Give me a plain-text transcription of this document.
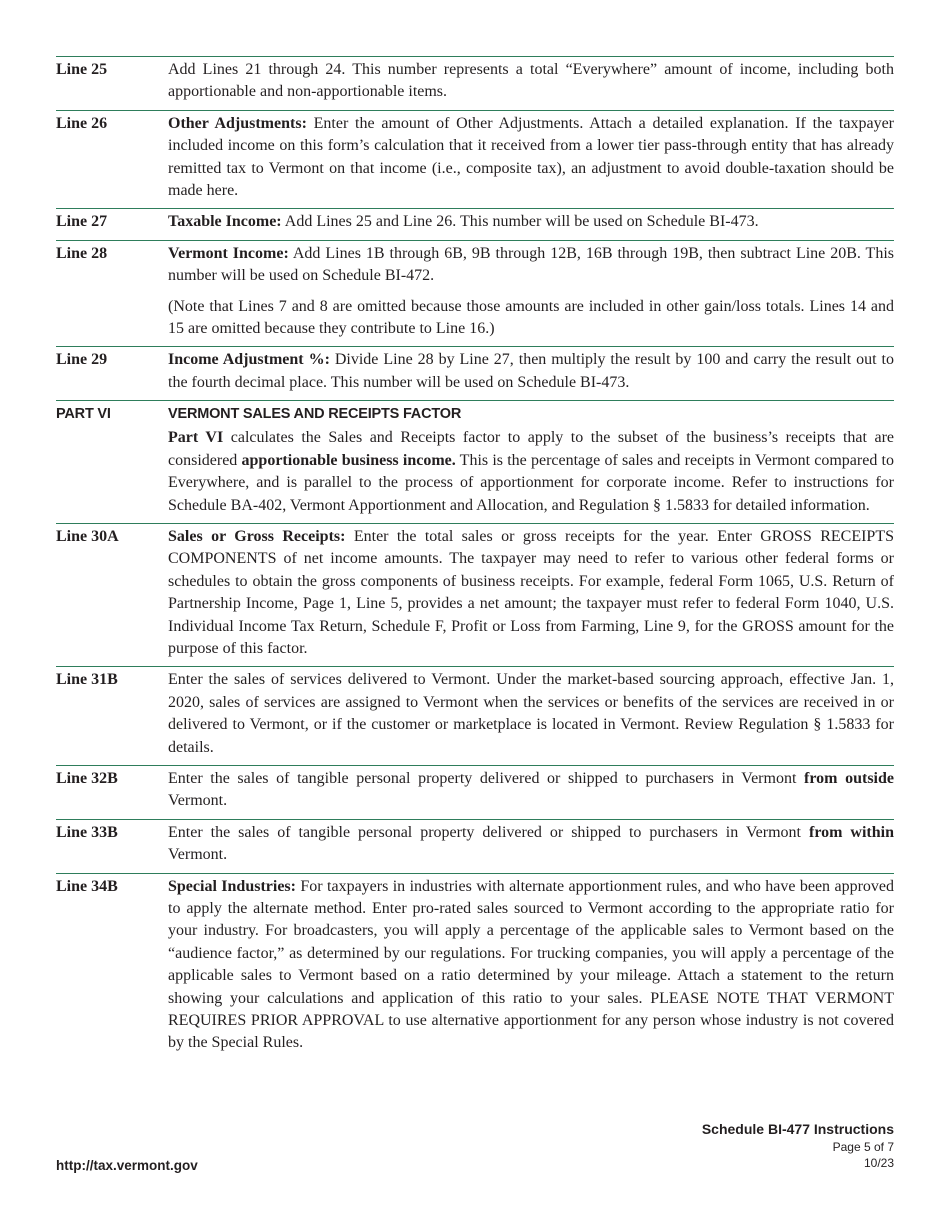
Line 25	Add Lines 21 through 24. This number represents a total “Everywhere” amount of income, including both apportionable and non-apportionable items.

Line 26	Other Adjustments: Enter the amount of Other Adjustments. Attach a detailed explanation. If the taxpayer included income on this form’s calculation that it received from a lower tier pass-through entity that has already remitted tax to Vermont on that income (i.e., composite tax), an adjustment to avoid double-taxation should be made here.

Line 27	Taxable Income: Add Lines 25 and Line 26. This number will be used on Schedule BI-473.

Line 28	Vermont Income: Add Lines 1B through 6B, 9B through 12B, 16B through 19B, then subtract Line 20B. This number will be used on Schedule BI-472.

(Note that Lines 7 and 8 are omitted because those amounts are included in other gain/loss totals. Lines 14 and 15 are omitted because they contribute to Line 16.)

Line 29	Income Adjustment %: Divide Line 28 by Line 27, then multiply the result by 100 and carry the result out to the fourth decimal place. This number will be used on Schedule BI-473.

PART VI	VERMONT SALES AND RECEIPTS FACTOR

Part VI calculates the Sales and Receipts factor to apply to the subset of the business’s receipts that are considered apportionable business income. This is the percentage of sales and receipts in Vermont compared to Everywhere, and is parallel to the process of apportionment for corporate income. Refer to instructions for Schedule BA-402, Vermont Apportionment and Allocation, and Regulation § 1.5833 for detailed information.

Line 30A	Sales or Gross Receipts: Enter the total sales or gross receipts for the year. Enter GROSS RECEIPTS COMPONENTS of net income amounts. The taxpayer may need to refer to various other federal forms or schedules to obtain the gross components of business receipts. For example, federal Form 1065, U.S. Return of Partnership Income, Page 1, Line 5, provides a net amount; the taxpayer must refer to federal Form 1040, U.S. Individual Income Tax Return, Schedule F, Profit or Loss from Farming, Line 9, for the GROSS amount for the purpose of this factor.

Line 31B	Enter the sales of services delivered to Vermont. Under the market-based sourcing approach, effective Jan. 1, 2020, sales of services are assigned to Vermont when the services or benefits of the services are received in or delivered to Vermont, or if the customer or marketplace is located in Vermont. Review Regulation § 1.5833 for details.

Line 32B	Enter the sales of tangible personal property delivered or shipped to purchasers in Vermont from outside Vermont.

Line 33B	Enter the sales of tangible personal property delivered or shipped to purchasers in Vermont from within Vermont.

Line 34B	Special Industries: For taxpayers in industries with alternate apportionment rules, and who have been approved to apply the alternate method. Enter pro-rated sales sourced to Vermont according to the appropriate ratio for your industry. For broadcasters, you will apply a percentage of the applicable sales to Vermont based on the “audience factor,” as determined by our regulations. For trucking companies, you will apply a percentage of the applicable sales to Vermont based on a ratio determined by your mileage. Attach a statement to the return showing your calculations and application of this ratio to your sales. PLEASE NOTE THAT VERMONT REQUIRES PRIOR APPROVAL to use alternative apportionment for any person whose industry is not covered by the Special Rules.

Schedule BI-477 Instructions
Page 5 of 7
10/23
http://tax.vermont.gov
